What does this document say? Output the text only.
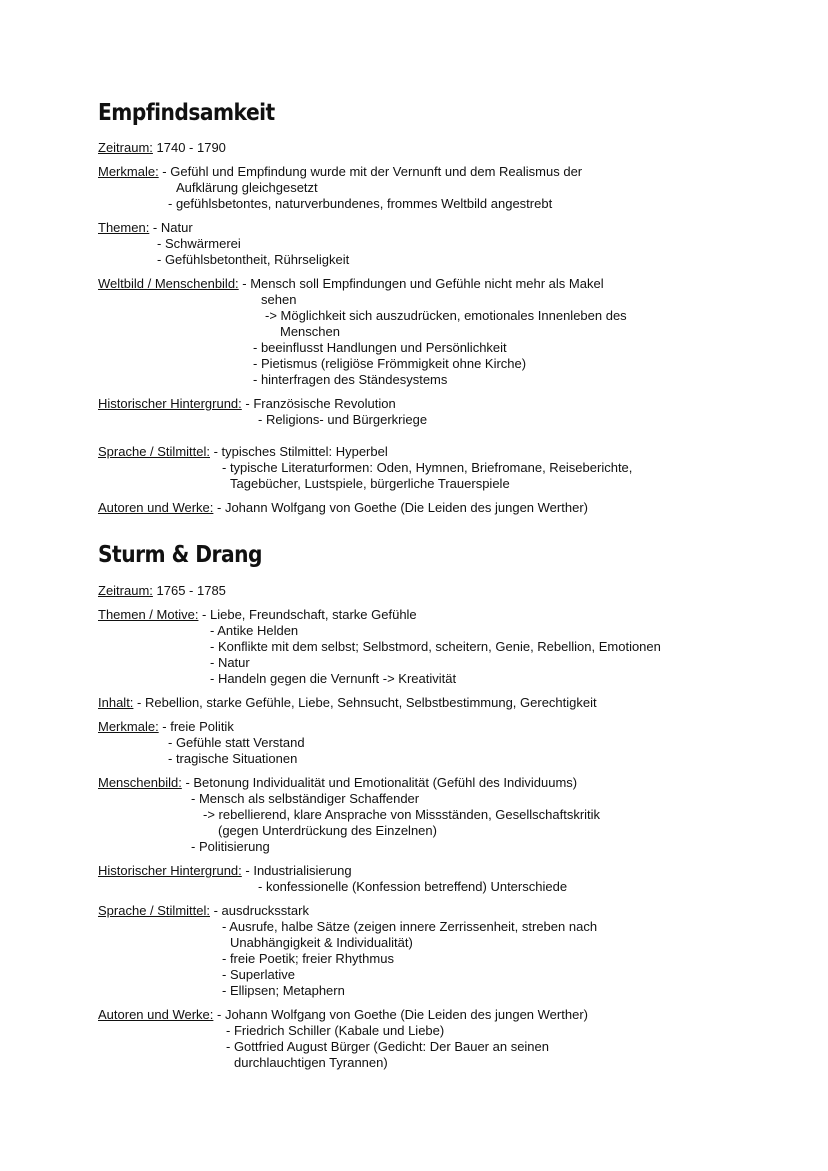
Empfindsamkeit
Zeitraum: 1740 - 1790
Merkmale: - Gefühl und Empfindung wurde mit der Vernunft und dem Realismus der
Aufklärung gleichgesetzt
- gefühlsbetontes, naturverbundenes, frommes Weltbild angestrebt
Themen: - Natur
- Schwärmerei
- Gefühlsbetontheit, Rührseligkeit
Weltbild / Menschenbild: - Mensch soll Empfindungen und Gefühle nicht mehr als Makel
sehen
-> Möglichkeit sich auszudrücken, emotionales Innenleben des
Menschen
- beeinflusst Handlungen und Persönlichkeit
- Pietismus (religiöse Frömmigkeit ohne Kirche)
- hinterfragen des Ständesystems
Historischer Hintergrund: - Französische Revolution
- Religions- und Bürgerkriege
Sprache / Stilmittel: - typisches Stilmittel: Hyperbel
- typische Literaturformen: Oden, Hymnen, Briefromane, Reiseberichte,
Tagebücher, Lustspiele, bürgerliche Trauerspiele
Autoren und Werke: - Johann Wolfgang von Goethe (Die Leiden des jungen Werther)
Sturm & Drang
Zeitraum: 1765 - 1785
Themen / Motive: - Liebe, Freundschaft, starke Gefühle
- Antike Helden
- Konflikte mit dem selbst; Selbstmord, scheitern, Genie, Rebellion, Emotionen
- Natur
- Handeln gegen die Vernunft -> Kreativität
Inhalt: - Rebellion, starke Gefühle, Liebe, Sehnsucht, Selbstbestimmung, Gerechtigkeit
Merkmale: - freie Politik
- Gefühle statt Verstand
- tragische Situationen
Menschenbild: - Betonung Individualität und Emotionalität (Gefühl des Individuums)
- Mensch als selbständiger Schaffender
-> rebellierend, klare Ansprache von Missständen, Gesellschaftskritik
(gegen Unterdrückung des Einzelnen)
- Politisierung
Historischer Hintergrund: - Industrialisierung
- konfessionelle (Konfession betreffend) Unterschiede
Sprache / Stilmittel: - ausdrucksstark
- Ausrufe, halbe Sätze (zeigen innere Zerrissenheit, streben nach
Unabhängigkeit & Individualität)
- freie Poetik; freier Rhythmus
- Superlative
- Ellipsen; Metaphern
Autoren und Werke: - Johann Wolfgang von Goethe (Die Leiden des jungen Werther)
- Friedrich Schiller (Kabale und Liebe)
- Gottfried August Bürger (Gedicht: Der Bauer an seinen
durchlauchtigen Tyrannen)
